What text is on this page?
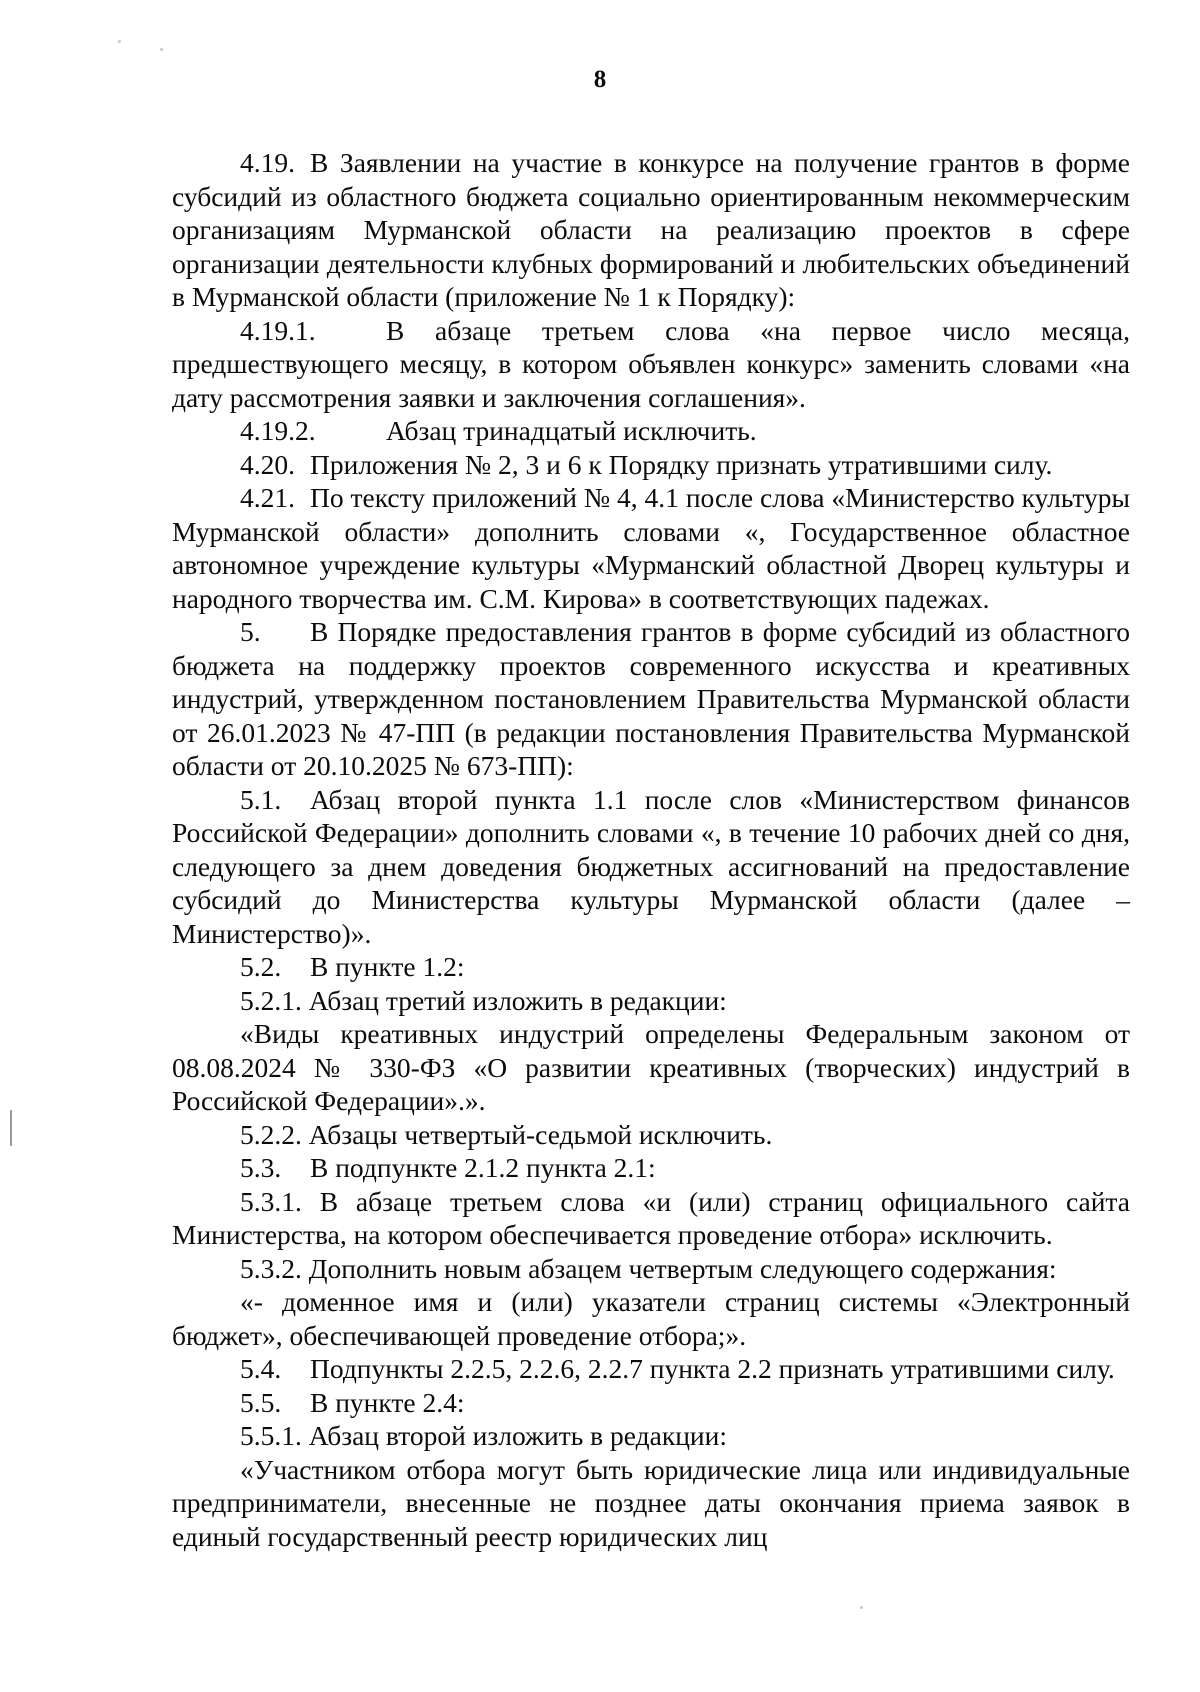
8

4.19. В Заявлении на участие в конкурсе на получение грантов в форме субсидий из областного бюджета социально ориентированным некоммерческим организациям Мурманской области на реализацию проектов в сфере организации деятельности клубных формирований и любительских объединений в Мурманской области (приложение № 1 к Порядку):

4.19.1.	В абзаце третьем слова «на первое число месяца, предшествующего месяцу, в котором объявлен конкурс» заменить словами «на дату рассмотрения заявки и заключения соглашения».

4.19.2.	Абзац тринадцатый исключить.

4.20. Приложения № 2, 3 и 6 к Порядку признать утратившими силу.

4.21. По тексту приложений № 4, 4.1 после слова «Министерство культуры Мурманской области» дополнить словами «, Государственное областное автономное учреждение культуры «Мурманский областной Дворец культуры и народного творчества им. С.М. Кирова» в соответствующих падежах.

5. В Порядке предоставления грантов в форме субсидий из областного бюджета на поддержку проектов современного искусства и креативных индустрий, утвержденном постановлением Правительства Мурманской области от 26.01.2023 № 47-ПП (в редакции постановления Правительства Мурманской области от 20.10.2025 № 673-ПП):

5.1. Абзац второй пункта 1.1 после слов «Министерством финансов Российской Федерации» дополнить словами «, в течение 10 рабочих дней со дня, следующего за днем доведения бюджетных ассигнований на предоставление субсидий до Министерства культуры Мурманской области (далее – Министерство)».

5.2. В пункте 1.2:

5.2.1. Абзац третий изложить в редакции:

«Виды креативных индустрий определены Федеральным законом от 08.08.2024 № 330-ФЗ «О развитии креативных (творческих) индустрий в Российской Федерации».».

5.2.2. Абзацы четвертый-седьмой исключить.

5.3. В подпункте 2.1.2 пункта 2.1:

5.3.1. В абзаце третьем слова «и (или) страниц официального сайта Министерства, на котором обеспечивается проведение отбора» исключить.

5.3.2. Дополнить новым абзацем четвертым следующего содержания:

«- доменное имя и (или) указатели страниц системы «Электронный бюджет», обеспечивающей проведение отбора;».

5.4. Подпункты 2.2.5, 2.2.6, 2.2.7 пункта 2.2 признать утратившими силу.

5.5. В пункте 2.4:

5.5.1. Абзац второй изложить в редакции:

«Участником отбора могут быть юридические лица или индивидуальные предприниматели, внесенные не позднее даты окончания приема заявок в единый государственный реестр юридических лиц
